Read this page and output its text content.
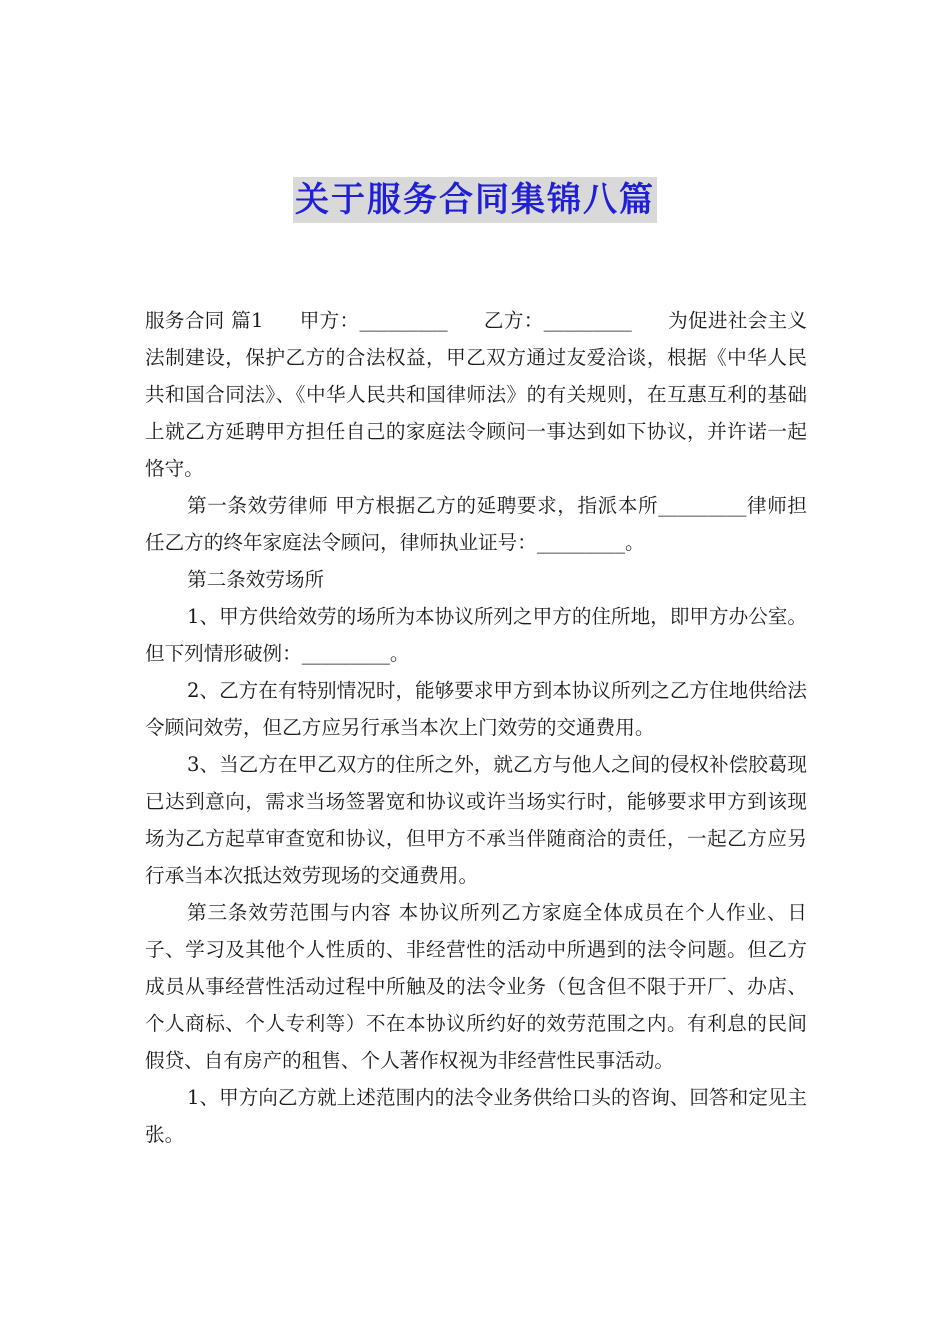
关于服务合同集锦八篇

服务合同 篇1 甲方：_________ 乙方：_________ 为促进社会主义法制建设，保护乙方的合法权益，甲乙双方通过友爱洽谈，根据《中华人民共和国合同法》、《中华人民共和国律师法》的有关规则，在互惠互利的基础上就乙方延聘甲方担任自己的家庭法令顾问一事达到如下协议，并许诺一起恪守。

第一条效劳律师 甲方根据乙方的延聘要求，指派本所_________律师担任乙方的终年家庭法令顾问，律师执业证号：_________。

第二条效劳场所

1、甲方供给效劳的场所为本协议所列之甲方的住所地，即甲方办公室。但下列情形破例：_________。

2、乙方在有特别情况时，能够要求甲方到本协议所列之乙方住地供给法令顾问效劳，但乙方应另行承当本次上门效劳的交通费用。

3、当乙方在甲乙双方的住所之外，就乙方与他人之间的侵权补偿胶葛现已达到意向，需求当场签署宽和协议或许当场实行时，能够要求甲方到该现场为乙方起草审查宽和协议，但甲方不承当伴随商洽的责任，一起乙方应另行承当本次抵达效劳现场的交通费用。

第三条效劳范围与内容 本协议所列乙方家庭全体成员在个人作业、日子、学习及其他个人性质的、非经营性的活动中所遇到的法令问题。但乙方成员从事经营性活动过程中所触及的法令业务（包含但不限于开厂、办店、个人商标、个人专利等）不在本协议所约好的效劳范围之内。有利息的民间假贷、自有房产的租售、个人著作权视为非经营性民事活动。

1、甲方向乙方就上述范围内的法令业务供给口头的咨询、回答和定见主张。
